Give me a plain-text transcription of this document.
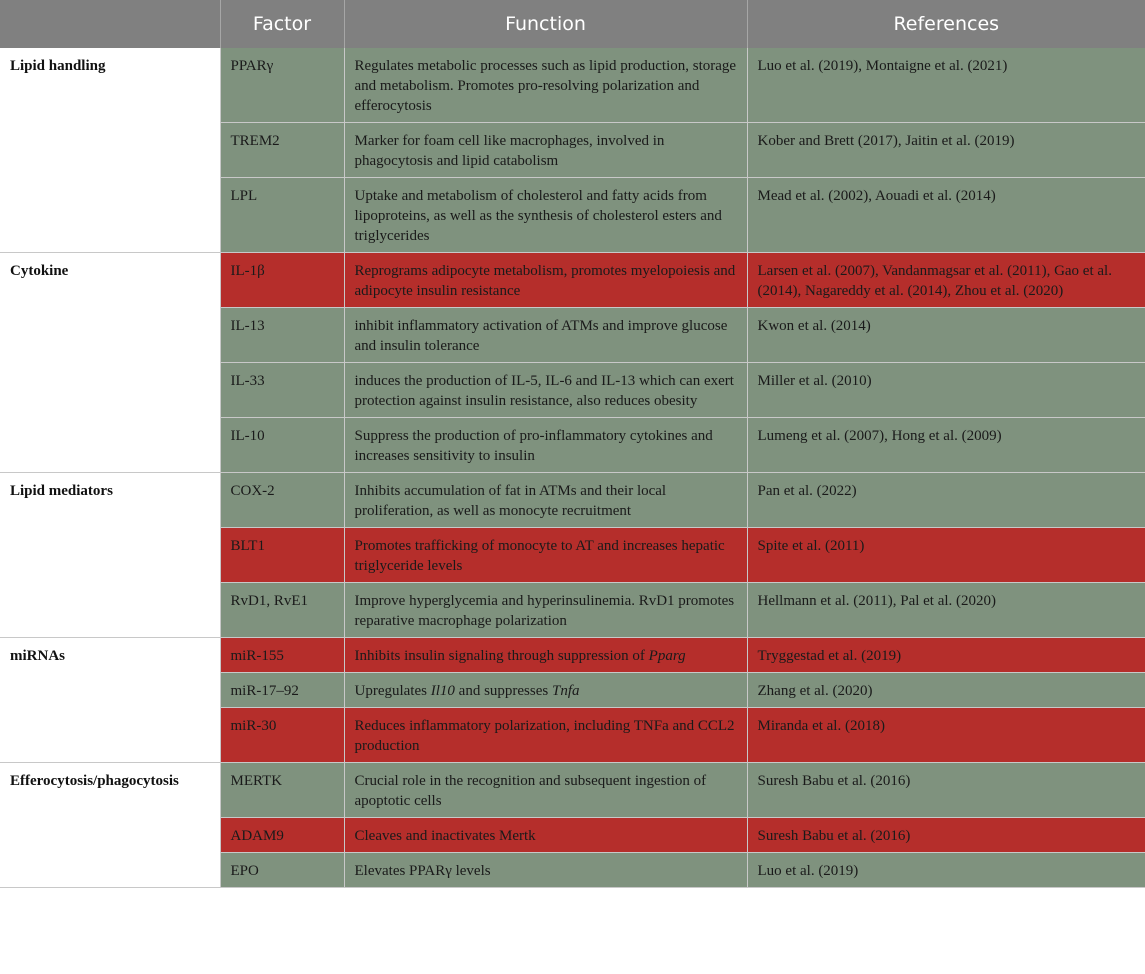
	Factor	Function	References
Lipid handling	PPARγ	Regulates metabolic processes such as lipid production, storage and metabolism. Promotes pro-resolving polarization and efferocytosis	Luo et al. (2019), Montaigne et al. (2021)
	TREM2	Marker for foam cell like macrophages, involved in phagocytosis and lipid catabolism	Kober and Brett (2017), Jaitin et al. (2019)
	LPL	Uptake and metabolism of cholesterol and fatty acids from lipoproteins, as well as the synthesis of cholesterol esters and triglycerides	Mead et al. (2002), Aouadi et al. (2014)
Cytokine	IL-1β	Reprograms adipocyte metabolism, promotes myelopoiesis and adipocyte insulin resistance	Larsen et al. (2007), Vandanmagsar et al. (2011), Gao et al. (2014), Nagareddy et al. (2014), Zhou et al. (2020)
	IL-13	inhibit inflammatory activation of ATMs and improve glucose and insulin tolerance	Kwon et al. (2014)
	IL-33	induces the production of IL-5, IL-6 and IL-13 which can exert protection against insulin resistance, also reduces obesity	Miller et al. (2010)
	IL-10	Suppress the production of pro-inflammatory cytokines and increases sensitivity to insulin	Lumeng et al. (2007), Hong et al. (2009)
Lipid mediators	COX-2	Inhibits accumulation of fat in ATMs and their local proliferation, as well as monocyte recruitment	Pan et al. (2022)
	BLT1	Promotes trafficking of monocyte to AT and increases hepatic triglyceride levels	Spite et al. (2011)
	RvD1, RvE1	Improve hyperglycemia and hyperinsulinemia. RvD1 promotes reparative macrophage polarization	Hellmann et al. (2011), Pal et al. (2020)
miRNAs	miR-155	Inhibits insulin signaling through suppression of Pparg	Tryggestad et al. (2019)
	miR-17–92	Upregulates Il10 and suppresses Tnfa	Zhang et al. (2020)
	miR-30	Reduces inflammatory polarization, including TNFa and CCL2 production	Miranda et al. (2018)
Efferocytosis/phagocytosis	MERTK	Crucial role in the recognition and subsequent ingestion of apoptotic cells	Suresh Babu et al. (2016)
	ADAM9	Cleaves and inactivates Mertk	Suresh Babu et al. (2016)
	EPO	Elevates PPARγ levels	Luo et al. (2019)
